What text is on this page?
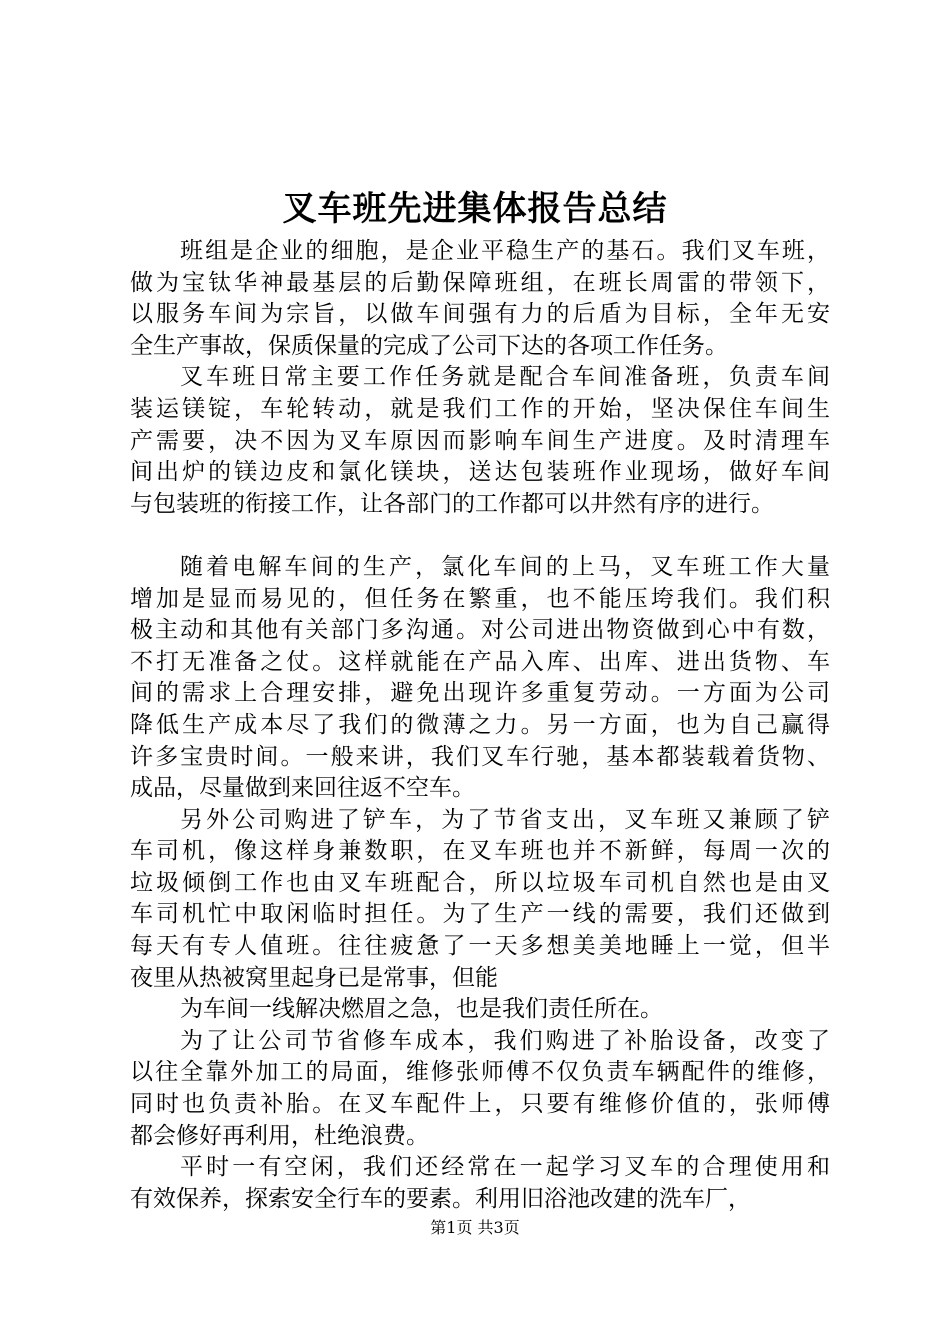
叉车班先进集体报告总结
班组是企业的细胞，是企业平稳生产的基石。我们叉车班，
做为宝钛华神最基层的后勤保障班组，在班长周雷的带领下，
以服务车间为宗旨，以做车间强有力的后盾为目标，全年无安
全生产事故，保质保量的完成了公司下达的各项工作任务。
叉车班日常主要工作任务就是配合车间准备班，负责车间
装运镁锭，车轮转动，就是我们工作的开始，坚决保住车间生
产需要，决不因为叉车原因而影响车间生产进度。及时清理车
间出炉的镁边皮和氯化镁块，送达包装班作业现场，做好车间
与包装班的衔接工作，让各部门的工作都可以井然有序的进行。
随着电解车间的生产，氯化车间的上马，叉车班工作大量
增加是显而易见的，但任务在繁重，也不能压垮我们。我们积
极主动和其他有关部门多沟通。对公司进出物资做到心中有数，
不打无准备之仗。这样就能在产品入库、出库、进出货物、车
间的需求上合理安排，避免出现许多重复劳动。一方面为公司
降低生产成本尽了我们的微薄之力。另一方面，也为自己赢得
许多宝贵时间。一般来讲，我们叉车行驰，基本都装载着货物、
成品，尽量做到来回往返不空车。
另外公司购进了铲车，为了节省支出，叉车班又兼顾了铲
车司机，像这样身兼数职，在叉车班也并不新鲜，每周一次的
垃圾倾倒工作也由叉车班配合，所以垃圾车司机自然也是由叉
车司机忙中取闲临时担任。为了生产一线的需要，我们还做到
每天有专人值班。往往疲惫了一天多想美美地睡上一觉，但半
夜里从热被窝里起身已是常事，但能
为车间一线解决燃眉之急，也是我们责任所在。
为了让公司节省修车成本，我们购进了补胎设备，改变了
以往全靠外加工的局面，维修张师傅不仅负责车辆配件的维修，
同时也负责补胎。在叉车配件上，只要有维修价值的，张师傅
都会修好再利用，杜绝浪费。
平时一有空闲，我们还经常在一起学习叉车的合理使用和
有效保养，探索安全行车的要素。利用旧浴池改建的洗车厂，
第1页 共3页
